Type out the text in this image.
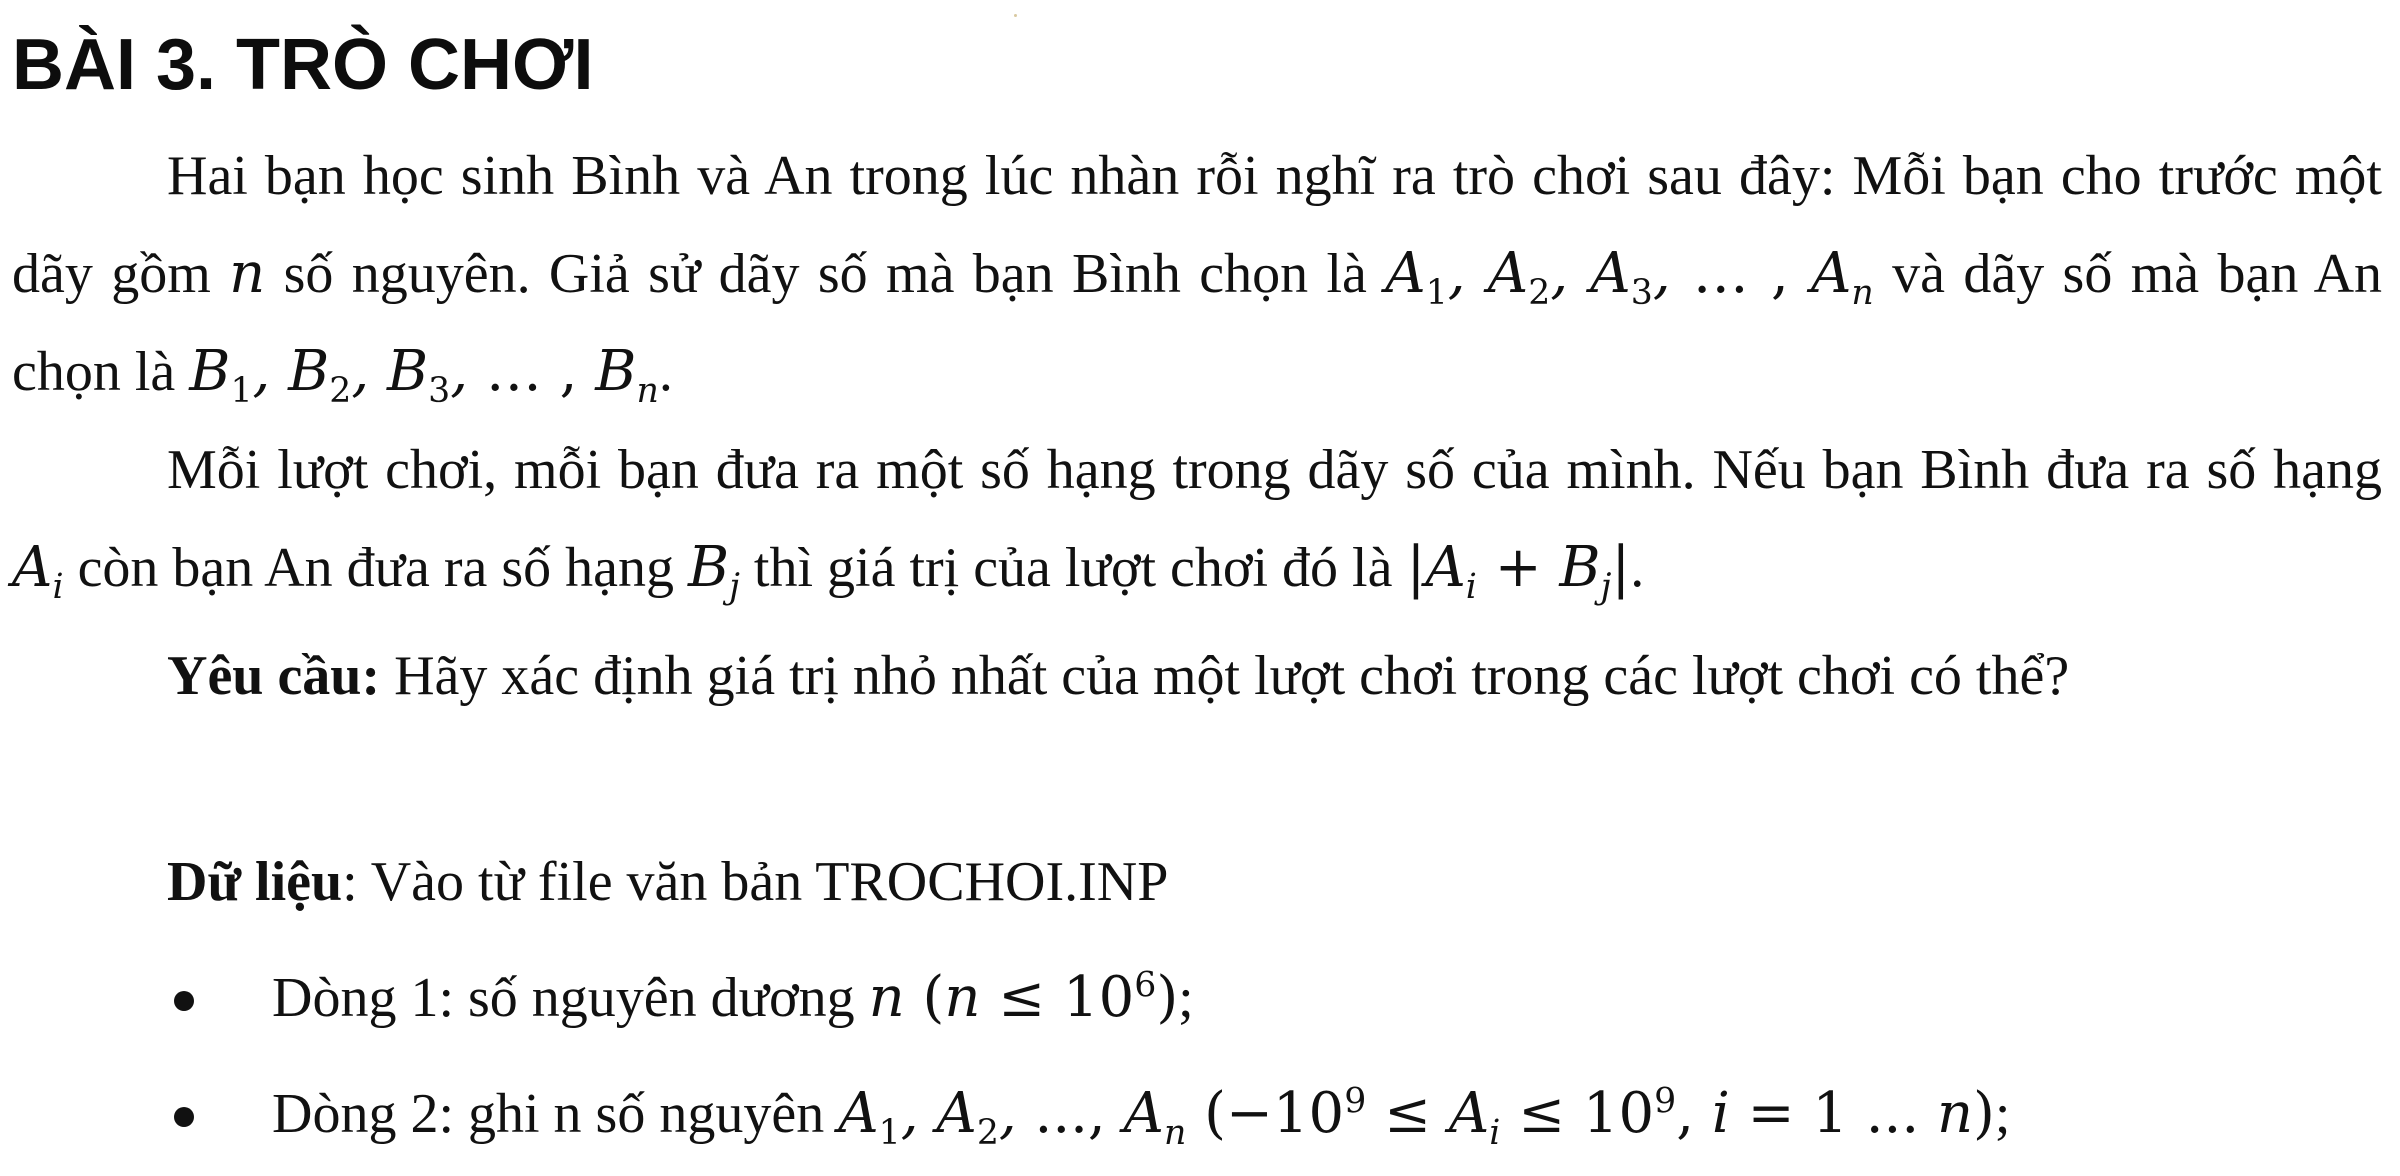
BÀI 3. TRÒ CHƠI

Hai bạn học sinh Bình và An trong lúc nhàn rỗi nghĩ ra trò chơi sau đây: Mỗi bạn cho trước một dãy gồm n số nguyên. Giả sử dãy số mà bạn Bình chọn là $A_1$, $A_2$, $A_3$, … , $A_n$ và dãy số mà bạn An chọn là $B_1$, $B_2$, $B_3$, … , $B_n$.

Mỗi lượt chơi, mỗi bạn đưa ra một số hạng trong dãy số của mình. Nếu bạn Bình đưa ra số hạng $A_i$ còn bạn An đưa ra số hạng $B_j$ thì giá trị của lượt chơi đó là $|A_i + B_j|$.

Yêu cầu: Hãy xác định giá trị nhỏ nhất của một lượt chơi trong các lượt chơi có thể?

Dữ liệu: Vào từ file văn bản TROCHOI.INP

Dòng 1: số nguyên dương n $(n \le 10^6)$;
Dòng 2: ghi n số nguyên $A_1$, $A_2$, ..., $A_n$ ($-10^9 \le A_i \le 10^9$, i = 1 ... n);
